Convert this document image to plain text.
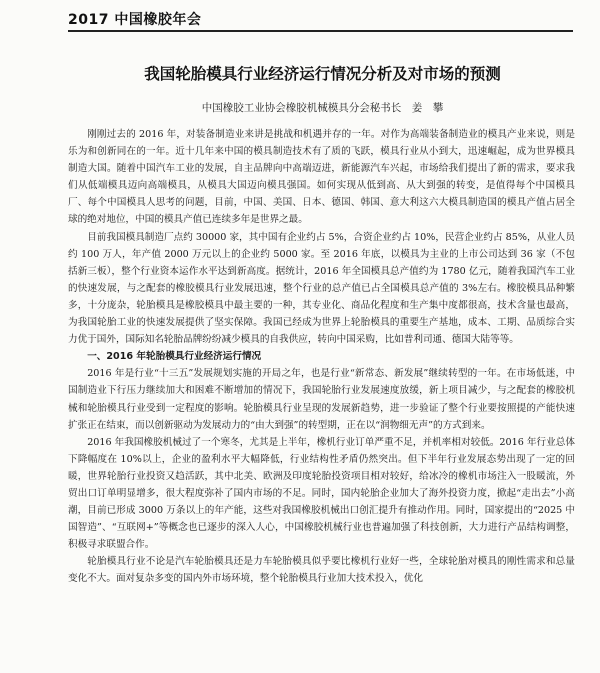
2017 中国橡胶年会
我国轮胎模具行业经济运行情况分析及对市场的预测
中国橡胶工业协会橡胶机械模具分会秘书长　姜　攀

刚刚过去的 2016 年，对装备制造业来讲是挑战和机遇并存的一年。对作为高端装备制造业的模具产业来说，则是乐为和创新同在的一年。近十几年来中国的模具制造技术有了质的飞跃，模具行业从小到大，迅速崛起，成为世界模具制造大国。随着中国汽车工业的发展，自主品牌向中高端迈进，新能源汽车兴起，市场给我们提出了新的需求，要求我们从低端模具迈向高端模具，从模具大国迈向模具强国。如何实现从低到高、从大到强的转变，是值得每个中国模具厂、每个中国模具人思考的问题，目前，中国、美国、日本、德国、韩国、意大利这六大模具制造国的模具产值占居全球的绝对地位，中国的模具产值已连续多年是世界之最。

目前我国模具制造厂点约 30000 家，其中国有企业约占 5%，合资企业约占 10%，民营企业约占 85%，从业人员约 100 万人，年产值 2000 万元以上的企业约 5000 家。至 2016 年底，以模具为主业的上市公司达到 36 家（不包括新三板），整个行业资本运作水平达到新高度。据统计，2016 年全国模具总产值约为 1780 亿元，随着我国汽车工业的快速发展，与之配套的橡胶模具行业发展迅速，整个行业的总产值已占全国模具总产值的 3%左右。橡胶模具品种繁多，十分庞杂，轮胎模具是橡胶模具中最主要的一种，其专业化、商品化程度和生产集中度都很高，技术含量也最高，为我国轮胎工业的快速发展提供了坚实保障。我国已经成为世界上轮胎模具的重要生产基地，成本、工期、品质综合实力优于国外，国际知名轮胎品牌纷纷减少模具的自我供应，转向中国采购，比如普利司通、德国大陆等等。

一、2016 年轮胎模具行业经济运行情况

2016 年是行业“十三五”发展规划实施的开局之年，也是行业“新常态、新发展”继续转型的一年。在市场低迷，中国制造业下行压力继续加大和困难不断增加的情况下，我国轮胎行业发展速度放缓，新上项目减少，与之配套的橡胶机械和轮胎模具行业受到一定程度的影响。轮胎模具行业呈现的发展新趋势，进一步验证了整个行业要按照提的产能快速扩张正在结束，而以创新驱动为发展动力的“由大到强”的转型期，正在以“润物细无声”的方式到来。

2016 年我国橡胶机械过了一个寒冬，尤其是上半年，橡机行业订单严重不足，并机率相对较低。2016 年行业总体下降幅度在 10%以上，企业的盈利水平大幅降低，行业结构性矛盾仍然突出。但下半年行业发展态势出现了一定的回暖，世界轮胎行业投资又趋活跃，其中北美、欧洲及印度轮胎投资项目相对较好，给冰冷的橡机市场注入一股暖流，外贸出口订单明显增多，很大程度弥补了国内市场的不足。同时，国内轮胎企业加大了海外投资力度，掀起“走出去”小高潮，目前已形成 3000 万条以上的年产能，这些对我国橡胶机械出口创汇提升有推动作用。同时，国家提出的“2025 中国智造”、“互联网+”等概念也已逐步的深入人心，中国橡胶机械行业也普遍加强了科技创新，大力进行产品结构调整，积极寻求联盟合作。

轮胎模具行业不论是汽车轮胎模具还是力车轮胎模具似乎要比橡机行业好一些，全球轮胎对模具的刚性需求和总量变化不大。面对复杂多变的国内外市场环境，整个轮胎模具行业加大技术投入，优化
